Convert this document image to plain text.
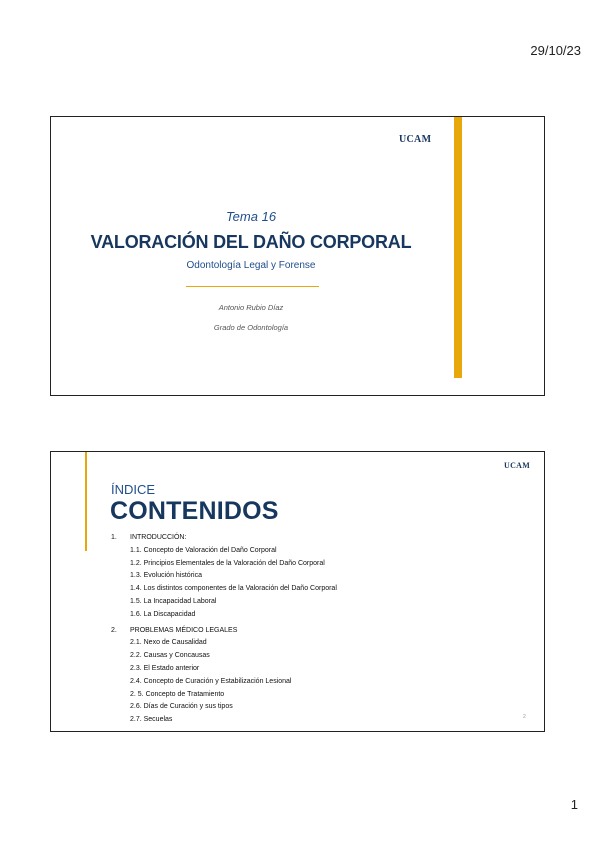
29/10/23
UCAM
Tema 16
VALORACIÓN DEL DAÑO CORPORAL
Odontología Legal y Forense
Antonio Rubio Díaz
Grado de Odontología
UCAM
ÍNDICE
CONTENIDOS
1.	INTRODUCCIÓN:
1.1. Concepto de Valoración del Daño Corporal
1.2. Principios Elementales de la Valoración del Daño Corporal
1.3. Evolución histórica
1.4. Los distintos componentes de la Valoración del Daño Corporal
1.5. La Incapacidad Laboral
1.6. La Discapacidad
2.	PROBLEMAS MÉDICO LEGALES
2.1. Nexo de Causalidad
2.2. Causas y Concausas
2.3. El Estado anterior
2.4. Concepto de Curación y Estabilización Lesional
2. 5. Concepto de Tratamiento
2.6. Días de Curación y sus tipos
2.7. Secuelas	2
1
